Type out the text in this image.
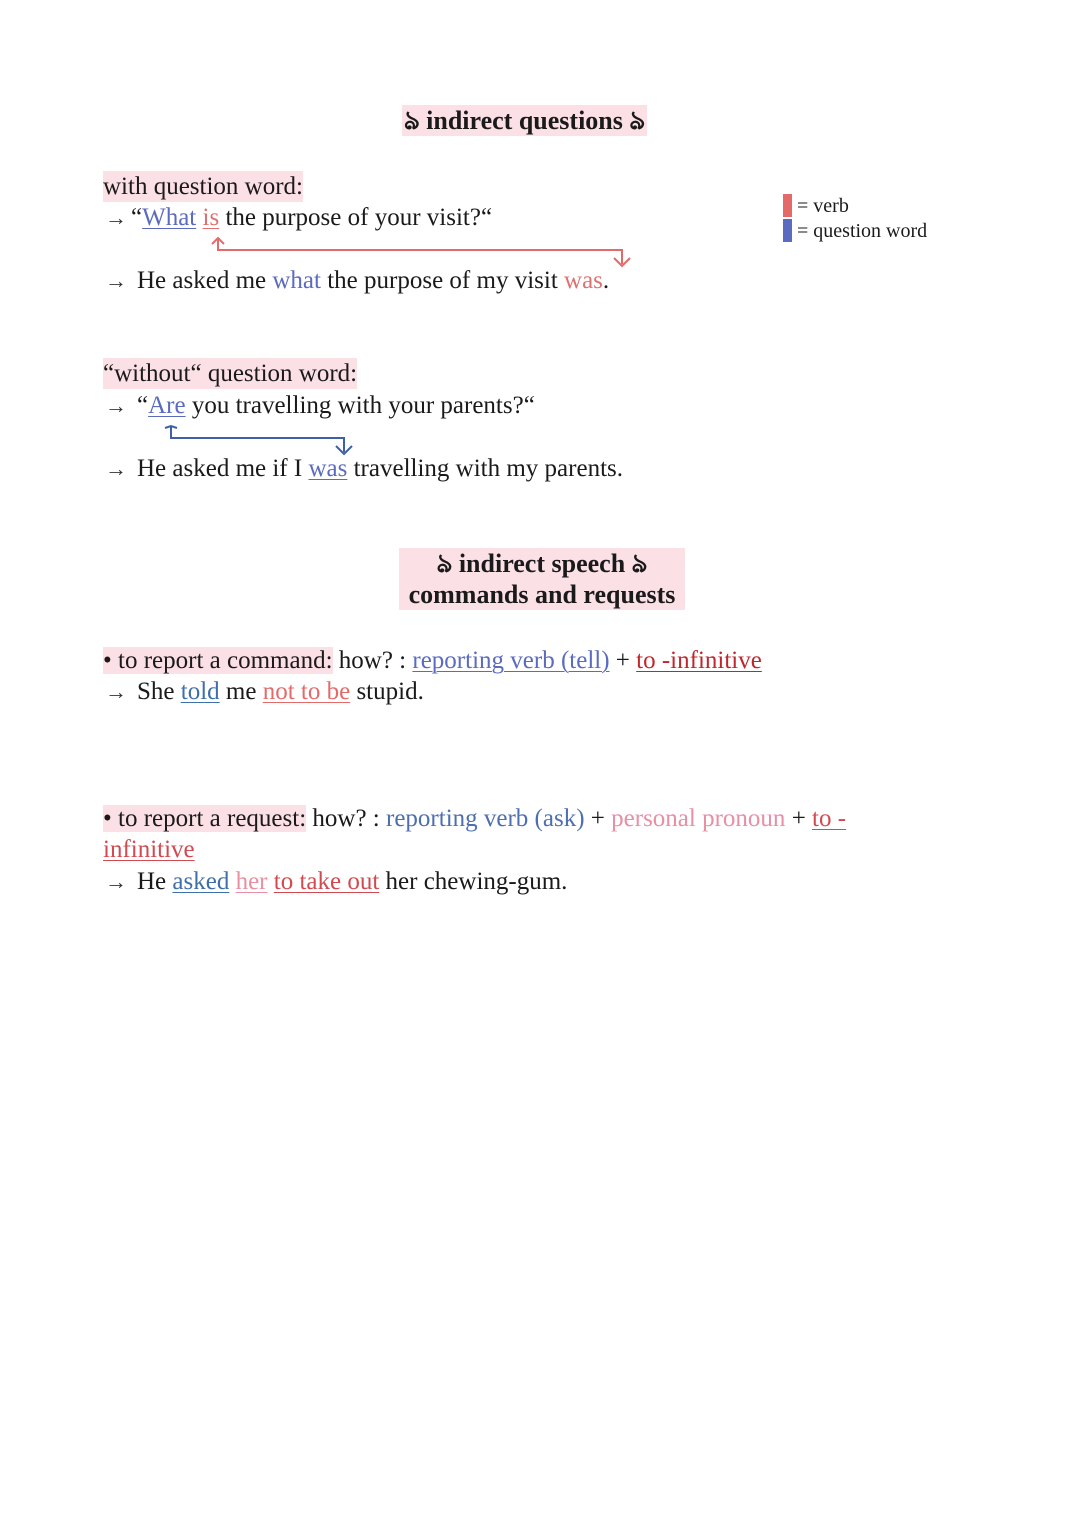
ঌ indirect questions ঌ
= verb
= question word
with question word:
→ “What is the purpose of your visit?“
→ He asked me what the purpose of my visit was.
“without“ question word:
→ “Are you travelling with your parents?“
→ He asked me if I was travelling with my parents.
ঌ indirect speech ঌ
commands and requests
• to report a command: how? : reporting verb (tell) + to -infinitive
→ She told me not to be stupid.
• to report a request: how? : reporting verb (ask) + personal pronoun + to -
infinitive
→ He asked her to take out her chewing-gum.
